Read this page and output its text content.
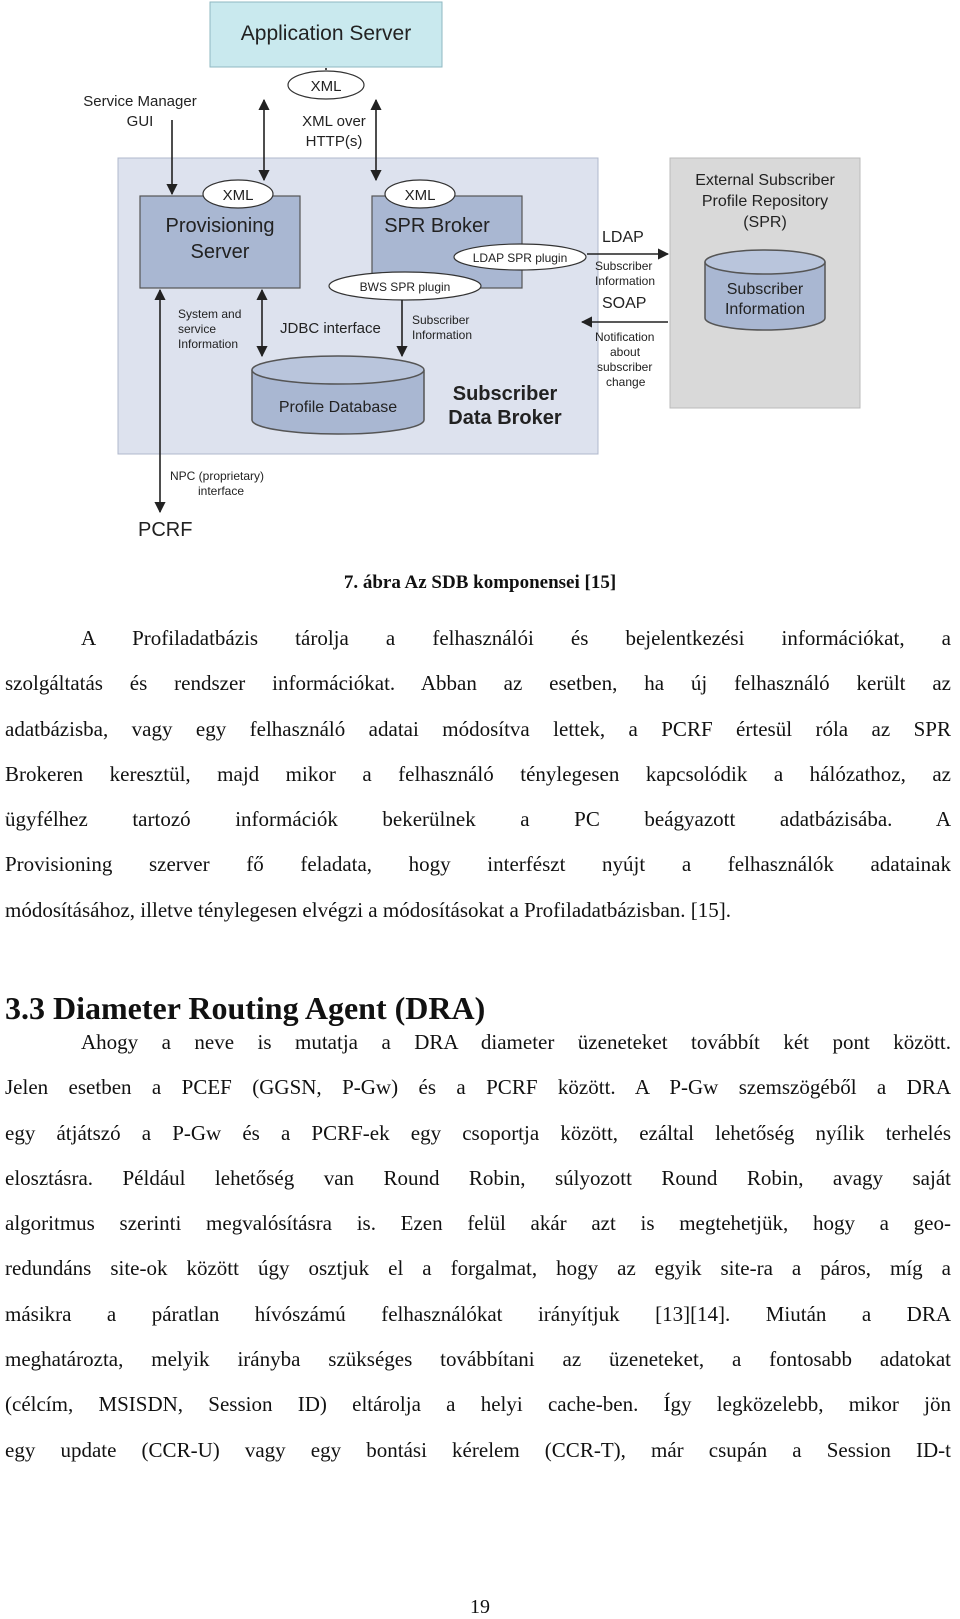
Application Server
External Subscriber
Profile Repository
(SPR)
Subscriber
Information
XML
XML over
HTTP(s)
Service Manager
GUI
Provisioning
Server
XML
SPR Broker
XML
LDAP SPR plugin
BWS SPR plugin
Profile Database
Subscriber
Data Broker
System and
service
Information
JDBC interface	Subscriber
Information
LDAP
Subscriber
Information
SOAP
Notification
about
subscriber
change
NPC (proprietary)
interface
PCRF
7. ábra Az SDB komponensei [15]
A Profiladatbázis tárolja a felhasználói és bejelentkezési információkat, a
szolgáltatás és rendszer információkat. Abban az esetben, ha új felhasználó került az
adatbázisba, vagy egy felhasználó adatai módosítva lettek, a PCRF értesül róla az SPR
Brokeren keresztül, majd mikor a felhasználó ténylegesen kapcsolódik a hálózathoz, az
ügyfélhez tartozó információk bekerülnek a PC beágyazott adatbázisába. A
Provisioning szerver fő feladata, hogy interfészt nyújt a felhasználók adatainak
módosításához, illetve ténylegesen elvégzi a módosításokat a Profiladatbázisban. [15].
3.3 Diameter Routing Agent (DRA)
Ahogy a neve is mutatja a DRA diameter üzeneteket továbbít két pont között.
Jelen esetben a PCEF (GGSN, P-Gw) és a PCRF között. A P-Gw szemszögéből a DRA
egy átjátszó a P-Gw és a PCRF-ek egy csoportja között, ezáltal lehetőség nyílik terhelés
elosztásra. Például lehetőség van Round Robin, súlyozott Round Robin, avagy saját
algoritmus szerinti megvalósításra is. Ezen felül akár azt is megtehetjük, hogy a geo-
redundáns site-ok között úgy osztjuk el a forgalmat, hogy az egyik site-ra a páros, míg a
másikra a páratlan hívószámú felhasználókat irányítjuk [13][14]. Miután a DRA
meghatározta, melyik irányba szükséges továbbítani az üzeneteket, a fontosabb adatokat
(célcím, MSISDN, Session ID) eltárolja a helyi cache-ben. Így legközelebb, mikor jön
egy update (CCR-U) vagy egy bontási kérelem (CCR-T), már csupán a Session ID-t
19
